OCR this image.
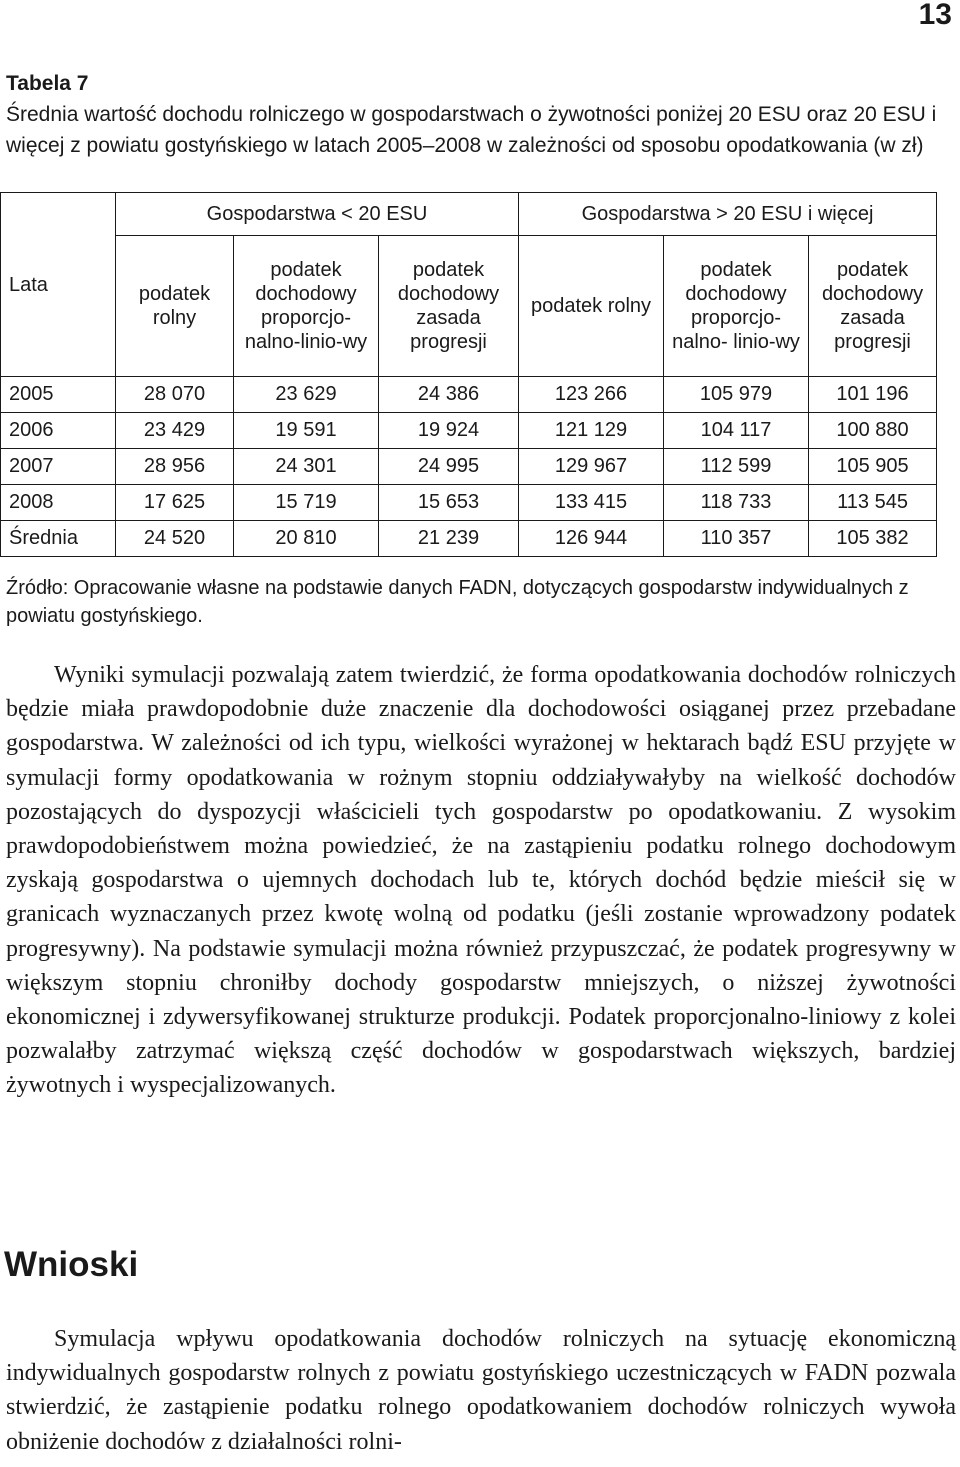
13
Tabela 7
Średnia wartość dochodu rolniczego w gospodarstwach o żywotności poniżej 20 ESU oraz 20 ESU i więcej z powiatu gostyńskiego w latach 2005–2008 w zależności od sposobu opodatkowania (w zł)
Lata	Gospodarstwa < 20 ESU			Gospodarstwa > 20 ESU i więcej		
	podatek rolny	podatek dochodowy proporcjo-nalno-linio-wy	podatek dochodowy zasada progresji	podatek rolny	podatek dochodowy proporcjo-nalno- linio-wy	podatek dochodowy zasada progresji
2005	28 070	23 629	24 386	123 266	105 979	101 196
2006	23 429	19 591	19 924	121 129	104 117	100 880
2007	28 956	24 301	24 995	129 967	112 599	105 905
2008	17 625	15 719	15 653	133 415	118 733	113 545
Średnia	24 520	20 810	21 239	126 944	110 357	105 382
Źródło: Opracowanie własne na podstawie danych FADN, dotyczących gospodarstw indywidualnych z powiatu gostyńskiego.

Wyniki symulacji pozwalają zatem twierdzić, że forma opodatkowania dochodów rolniczych będzie miała prawdopodobnie duże znaczenie dla dochodowości osiąganej przez przebadane gospodarstwa. W zależności od ich typu, wielkości wyrażonej w hektarach bądź ESU przyjęte w symulacji formy opodatkowania w rożnym stopniu oddziaływałyby na wielkość dochodów pozostających do dyspozycji właścicieli tych gospodarstw po opodatkowaniu. Z wysokim prawdopodobieństwem można powiedzieć, że na zastąpieniu podatku rolnego dochodowym zyskają gospodarstwa o ujemnych dochodach lub te, których dochód będzie mieścił się w granicach wyznaczanych przez kwotę wolną od podatku (jeśli zostanie wprowadzony podatek progresywny). Na podstawie symulacji można również przypuszczać, że podatek progresywny w większym stopniu chroniłby dochody gospodarstw mniejszych, o niższej żywotności ekonomicznej i zdywersyfikowanej strukturze produkcji. Podatek proporcjonalno-liniowy z kolei pozwalałby zatrzymać większą część dochodów w gospodarstwach większych, bardziej żywotnych i wyspecjalizowanych.

Wnioski

Symulacja wpływu opodatkowania dochodów rolniczych na sytuację ekonomiczną indywidualnych gospodarstw rolnych z powiatu gostyńskiego uczestniczących w FADN pozwala stwierdzić, że zastąpienie podatku rolnego opodatkowaniem dochodów rolniczych wywoła obniżenie dochodów z działalności rolni-
